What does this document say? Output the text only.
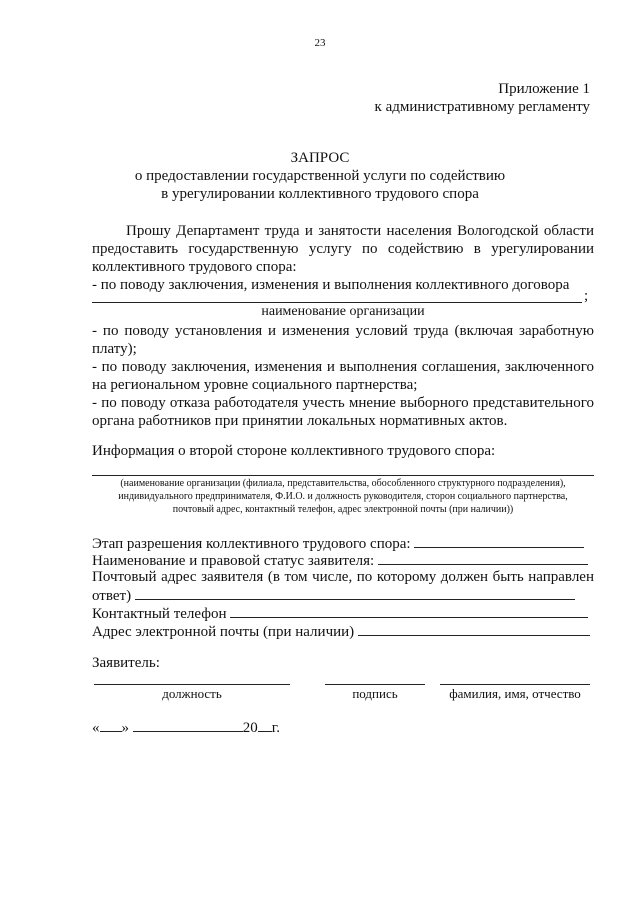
23
Приложение 1
к административному регламенту
ЗАПРОС
о предоставлении государственной услуги по содействию
в урегулировании коллективного трудового спора
Прошу Департамент труда и занятости населения Вологодской области
предоставить государственную услугу по содействию в урегулировании
коллективного трудового спора:
- по поводу заключения, изменения и выполнения коллективного договора
;
наименование организации
- по поводу установления и изменения условий труда (включая заработную
плату);
- по поводу заключения, изменения и выполнения соглашения, заключенного
на региональном уровне социального партнерства;
- по поводу отказа работодателя учесть мнение выборного представительного
органа работников при принятии локальных нормативных актов.
Информация о второй стороне коллективного трудового спора:
(наименование организации (филиала, представительства, обособленного структурного подразделения),
индивидуального предпринимателя, Ф.И.О. и должность руководителя, сторон социального партнерства,
почтовый адрес, контактный телефон, адрес электронной почты (при наличии))
Этап разрешения коллективного трудового спора:
Наименование и правовой статус заявителя:
Почтовый адрес заявителя (в том числе, по которому должен быть направлен
ответ)
Контактный телефон
Адрес электронной почты (при наличии)
Заявитель:
должность	подпись	фамилия, имя, отчество
« »	20 г.
